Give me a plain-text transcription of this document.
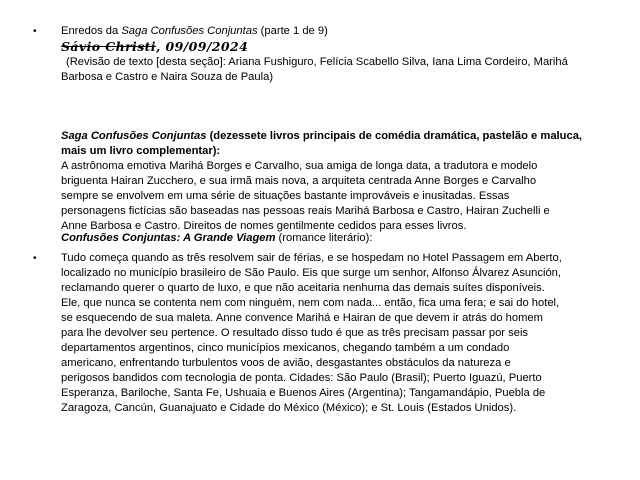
• Enredos da Saga Confusões Conjuntas (parte 1 de 9)
Sávio Christi, 09/09/2024
(Revisão de texto [desta seção]: Ariana Fushiguro, Felícia Scabello Silva, Iana Lima Cordeiro, Marihá
Barbosa e Castro e Naira Souza de Paula)
Saga Confusões Conjuntas (dezessete livros principais de comédia dramática, pastelão e maluca,
mais um livro complementar):
A astrônoma emotiva Marihá Borges e Carvalho, sua amiga de longa data, a tradutora e modelo
briguenta Hairan Zucchero, e sua irmã mais nova, a arquiteta centrada Anne Borges e Carvalho
sempre se envolvem em uma série de situações bastante improváveis e inusitadas. Essas
personagens fictícias são baseadas nas pessoas reais Marihá Barbosa e Castro, Hairan Zuchelli e
Anne Barbosa e Castro. Direitos de nomes gentilmente cedidos para esses livros.
Confusões Conjuntas: A Grande Viagem (romance literário):
• Tudo começa quando as três resolvem sair de férias, e se hospedam no Hotel Passagem em Aberto,
localizado no município brasileiro de São Paulo. Eis que surge um senhor, Alfonso Álvarez Asunción,
reclamando querer o quarto de luxo, e que não aceitaria nenhuma das demais suítes disponíveis.
Ele, que nunca se contenta nem com ninguém, nem com nada... então, fica uma fera; e sai do hotel,
se esquecendo de sua maleta. Anne convence Marihá e Hairan de que devem ir atrás do homem
para lhe devolver seu pertence. O resultado disso tudo é que as três precisam passar por seis
departamentos argentinos, cinco municípios mexicanos, chegando também a um condado
americano, enfrentando turbulentos voos de avião, desgastantes obstáculos da natureza e
perigosos bandidos com tecnologia de ponta. Cidades: São Paulo (Brasil); Puerto Iguazú, Puerto
Esperanza, Bariloche, Santa Fe, Ushuaia e Buenos Aires (Argentina); Tangamandápio, Puebla de
Zaragoza, Cancún, Guanajuato e Cidade do México (México); e St. Louis (Estados Unidos).
